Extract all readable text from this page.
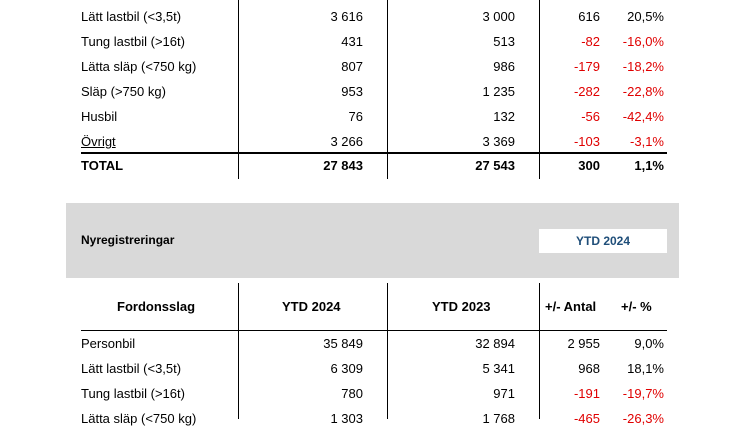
Lätt lastbil (<3,5t)	3 616	3 000	616 20,5%
Tung lastbil (>16t)	431	513	-82 -16,0%
Lätta släp (<750 kg)	807	986	-179 -18,2%
Släp (>750 kg)	953	1 235	-282 -22,8%
Husbil	76	132	-56 -42,4%
Övrigt	3 266	3 369	-103 -3,1%
TOTAL	27 843	27 543	300	1,1%
Nyregistreringar	YTD 2024
Fordonsslag	YTD 2024	YTD 2023	+/- Antal +/- %
Personbil	35 849	32 894	2 955	9,0%
Lätt lastbil (<3,5t)	6 309	5 341	968 18,1%
Tung lastbil (>16t)	780	971	-191 -19,7%
Lätta släp (<750 kg)	1 303	1 768	-465 -26,3%
